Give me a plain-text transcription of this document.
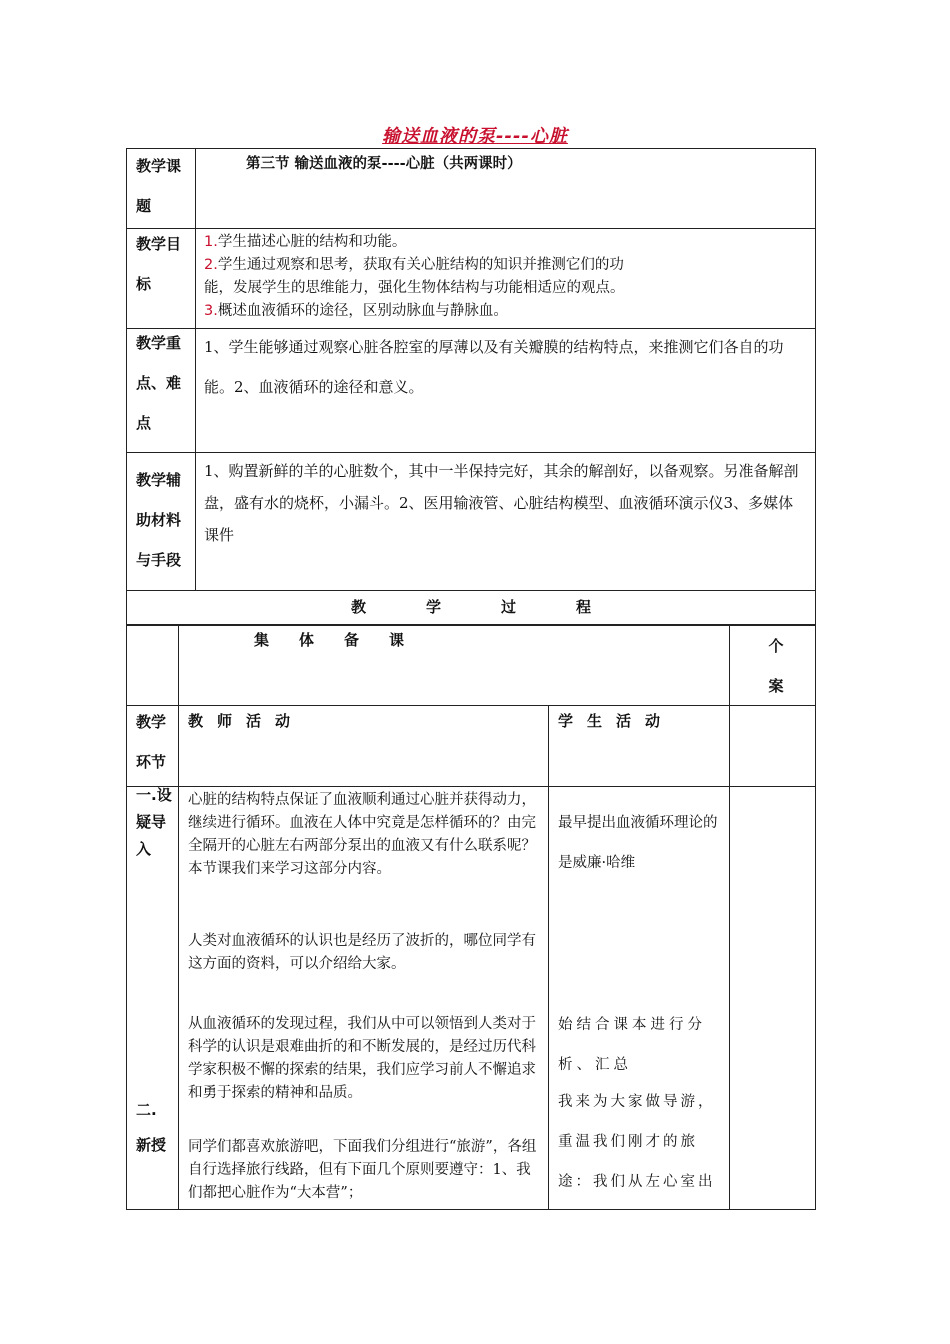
输送血液的泵----心脏
教学课题
第三节 输送血液的泵----心脏（共两课时）
教学目标
1.学生描述心脏的结构和功能。
2.学生通过观察和思考，获取有关心脏结构的知识并推测它们的功
能，发展学生的思维能力，强化生物体结构与功能相适应的观点。
3.概述血液循环的途径，区别动脉血与静脉血。
教学重点、难点
1、学生能够通过观察心脏各腔室的厚薄以及有关瓣膜的结构特点，来推测它们各自的功能。2、血液循环的途径和意义。
教学辅助材料与手段
1、购置新鲜的羊的心脏数个，其中一半保持完好，其余的解剖好，以备观察。另准备解剖盘，盛有水的烧杯，小漏斗。2、医用输液管、心脏结构模型、血液循环演示仪3、多媒体课件
教学过程
集体备课	个案
教学环节
教师活动	学生活动
一.设疑导入
二.新授
心脏的结构特点保证了血液顺利通过心脏并获得动力，继续进行循环。血液在人体中究竟是怎样循环的？由完全隔开的心脏左右两部分泵出的血液又有什么联系呢？本节课我们来学习这部分内容。
人类对血液循环的认识也是经历了波折的，哪位同学有这方面的资料，可以介绍给大家。
从血液循环的发现过程，我们从中可以领悟到人类对于科学的认识是艰难曲折的和不断发展的，是经过历代科学家积极不懈的探索的结果，我们应学习前人不懈追求和勇于探索的精神和品质。
同学们都喜欢旅游吧，下面我们分组进行“旅游”，各组自行选择旅行线路，但有下面几个原则要遵守：1、我们都把心脏作为“大本营”；
最早提出血液循环理论的是威廉·哈维
始结合课本进行分析、汇总
我来为大家做导游，重温我们刚才的旅途：我们从左心室出
